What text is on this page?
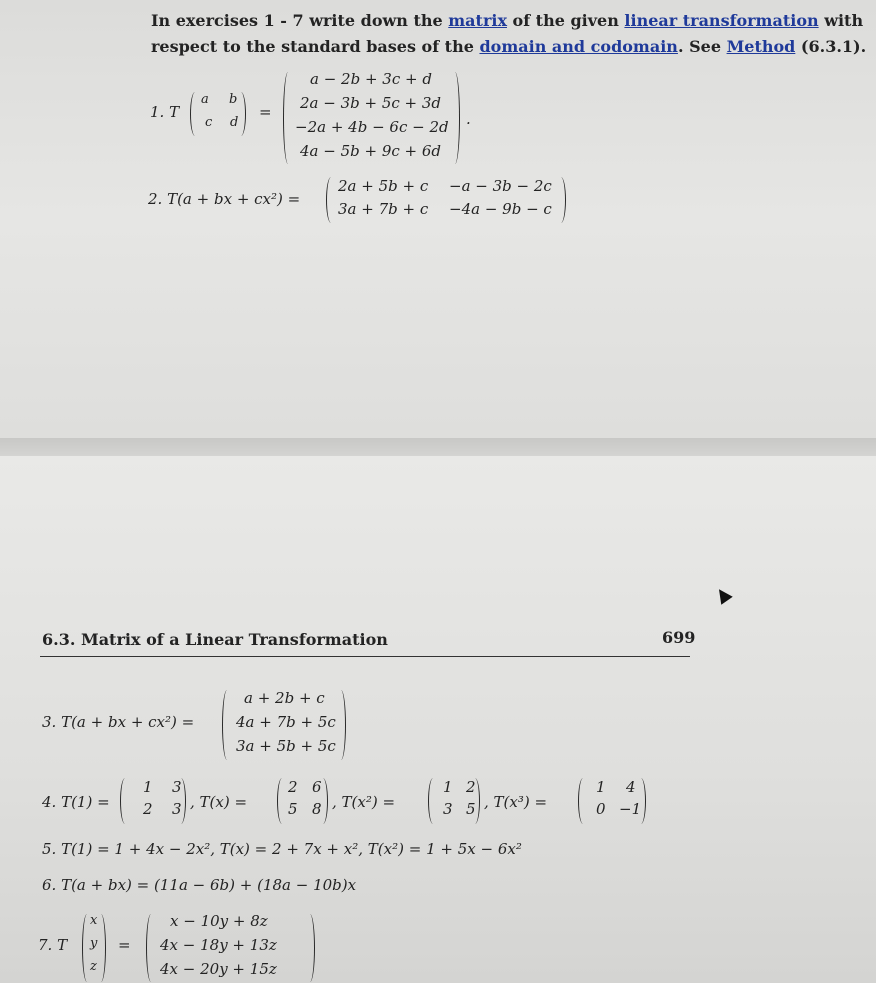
In exercises 1 - 7 write down the matrix of the given linear transformation with
respect to the standard bases of the domain and codomain. See Method (6.3.1).
1. T
a b
c d
=
a − 2b + 3c + d
2a − 3b + 5c + 3d
−2a + 4b − 6c − 2d
4a − 5b + 9c + 6d
.
2. T(a + bx + cx²) =
2a + 5b + c −a − 3b − 2c
3a + 7b + c −4a − 9b − c
6.3. Matrix of a Linear Transformation	699
3. T(a + bx + cx²) =
a + 2b + c
4a + 7b + 5c
3a + 5b + 5c
4. T(1) =
1 3
2 3 , T(x) =
2 6
5 8 , T(x²) =
1 2
3 5 , T(x³) =
1 4
0 −1
5. T(1) = 1 + 4x − 2x², T(x) = 2 + 7x + x², T(x²) = 1 + 5x − 6x²
6. T(a + bx) = (11a − 6b) + (18a − 10b)x
7. T
x
y
z
=
x − 10y + 8z
4x − 18y + 13z
4x − 20y + 15z
